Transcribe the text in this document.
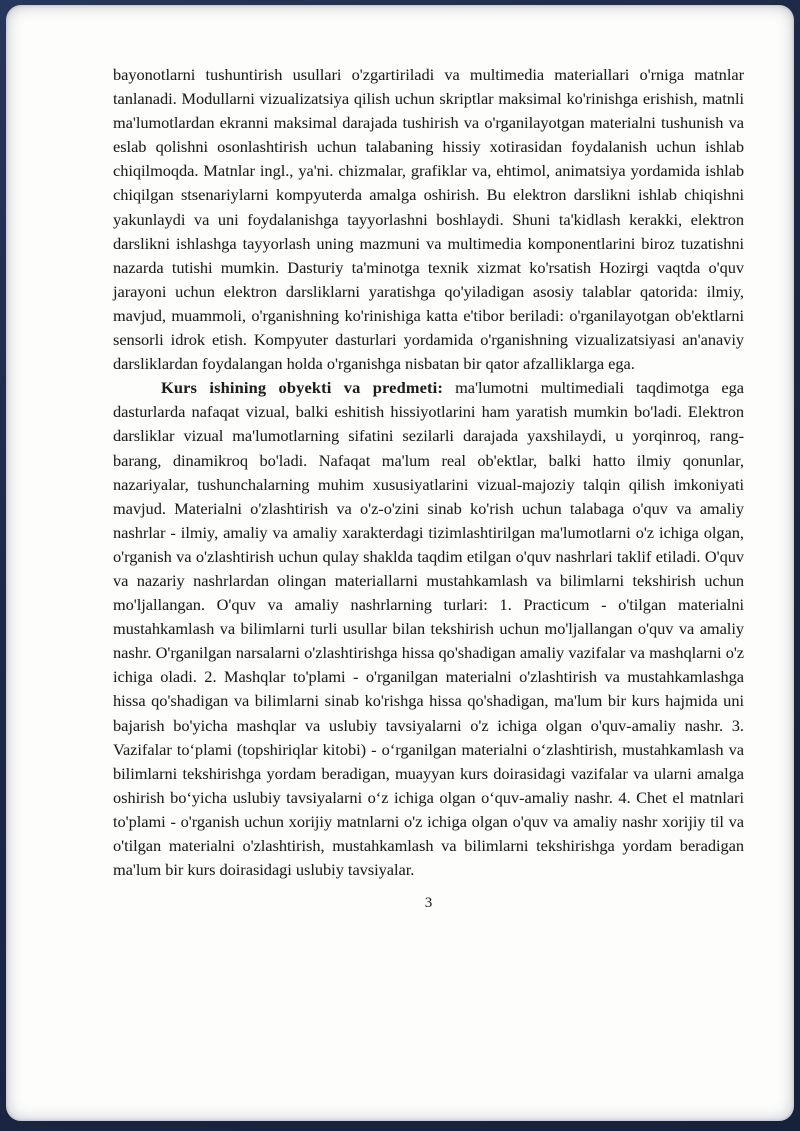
bayonotlarni tushuntirish usullari o'zgartiriladi va multimedia materiallari o'rniga matnlar tanlanadi. Modullarni vizualizatsiya qilish uchun skriptlar maksimal ko'rinishga erishish, matnli ma'lumotlardan ekranni maksimal darajada tushirish va o'rganilayotgan materialni tushunish va eslab qolishni osonlashtirish uchun talabaning hissiy xotirasidan foydalanish uchun ishlab chiqilmoqda. Matnlar ingl., ya'ni. chizmalar, grafiklar va, ehtimol, animatsiya yordamida ishlab chiqilgan stsenariylarni kompyuterda amalga oshirish. Bu elektron darslikni ishlab chiqishni yakunlaydi va uni foydalanishga tayyorlashni boshlaydi. Shuni ta'kidlash kerakki, elektron darslikni ishlashga tayyorlash uning mazmuni va multimedia komponentlarini biroz tuzatishni nazarda tutishi mumkin. Dasturiy ta'minotga texnik xizmat ko'rsatish Hozirgi vaqtda o'quv jarayoni uchun elektron darsliklarni yaratishga qo'yiladigan asosiy talablar qatorida: ilmiy, mavjud, muammoli, o'rganishning ko'rinishiga katta e'tibor beriladi: o'rganilayotgan ob'ektlarni sensorli idrok etish. Kompyuter dasturlari yordamida o'rganishning vizualizatsiyasi an'anaviy darsliklardan foydalangan holda o'rganishga nisbatan bir qator afzalliklarga ega.

Kurs ishining obyekti va predmeti: ma'lumotni multimediali taqdimotga ega dasturlarda nafaqat vizual, balki eshitish hissiyotlarini ham yaratish mumkin bo'ladi. Elektron darsliklar vizual ma'lumotlarning sifatini sezilarli darajada yaxshilaydi, u yorqinroq, rang-barang, dinamikroq bo'ladi. Nafaqat ma'lum real ob'ektlar, balki hatto ilmiy qonunlar, nazariyalar, tushunchalarning muhim xususiyatlarini vizual-majoziy talqin qilish imkoniyati mavjud. Materialni o'zlashtirish va o'z-o'zini sinab ko'rish uchun talabaga o'quv va amaliy nashrlar - ilmiy, amaliy va amaliy xarakterdagi tizimlashtirilgan ma'lumotlarni o'z ichiga olgan, o'rganish va o'zlashtirish uchun qulay shaklda taqdim etilgan o'quv nashrlari taklif etiladi. O'quv va nazariy nashrlardan olingan materiallarni mustahkamlash va bilimlarni tekshirish uchun mo'ljallangan. O'quv va amaliy nashrlarning turlari: 1. Practicum - o'tilgan materialni mustahkamlash va bilimlarni turli usullar bilan tekshirish uchun mo'ljallangan o'quv va amaliy nashr. O'rganilgan narsalarni o'zlashtirishga hissa qo'shadigan amaliy vazifalar va mashqlarni o'z ichiga oladi. 2. Mashqlar to'plami - o'rganilgan materialni o'zlashtirish va mustahkamlashga hissa qo'shadigan va bilimlarni sinab ko'rishga hissa qo'shadigan, ma'lum bir kurs hajmida uni bajarish bo'yicha mashqlar va uslubiy tavsiyalarni o'z ichiga olgan o'quv-amaliy nashr. 3. Vazifalar to‘plami (topshiriqlar kitobi) - o‘rganilgan materialni o‘zlashtirish, mustahkamlash va bilimlarni tekshirishga yordam beradigan, muayyan kurs doirasidagi vazifalar va ularni amalga oshirish bo‘yicha uslubiy tavsiyalarni o‘z ichiga olgan o‘quv-amaliy nashr. 4. Chet el matnlari to'plami - o'rganish uchun xorijiy matnlarni o'z ichiga olgan o'quv va amaliy nashr xorijiy til va o'tilgan materialni o'zlashtirish, mustahkamlash va bilimlarni tekshirishga yordam beradigan ma'lum bir kurs doirasidagi uslubiy tavsiyalar.

3
